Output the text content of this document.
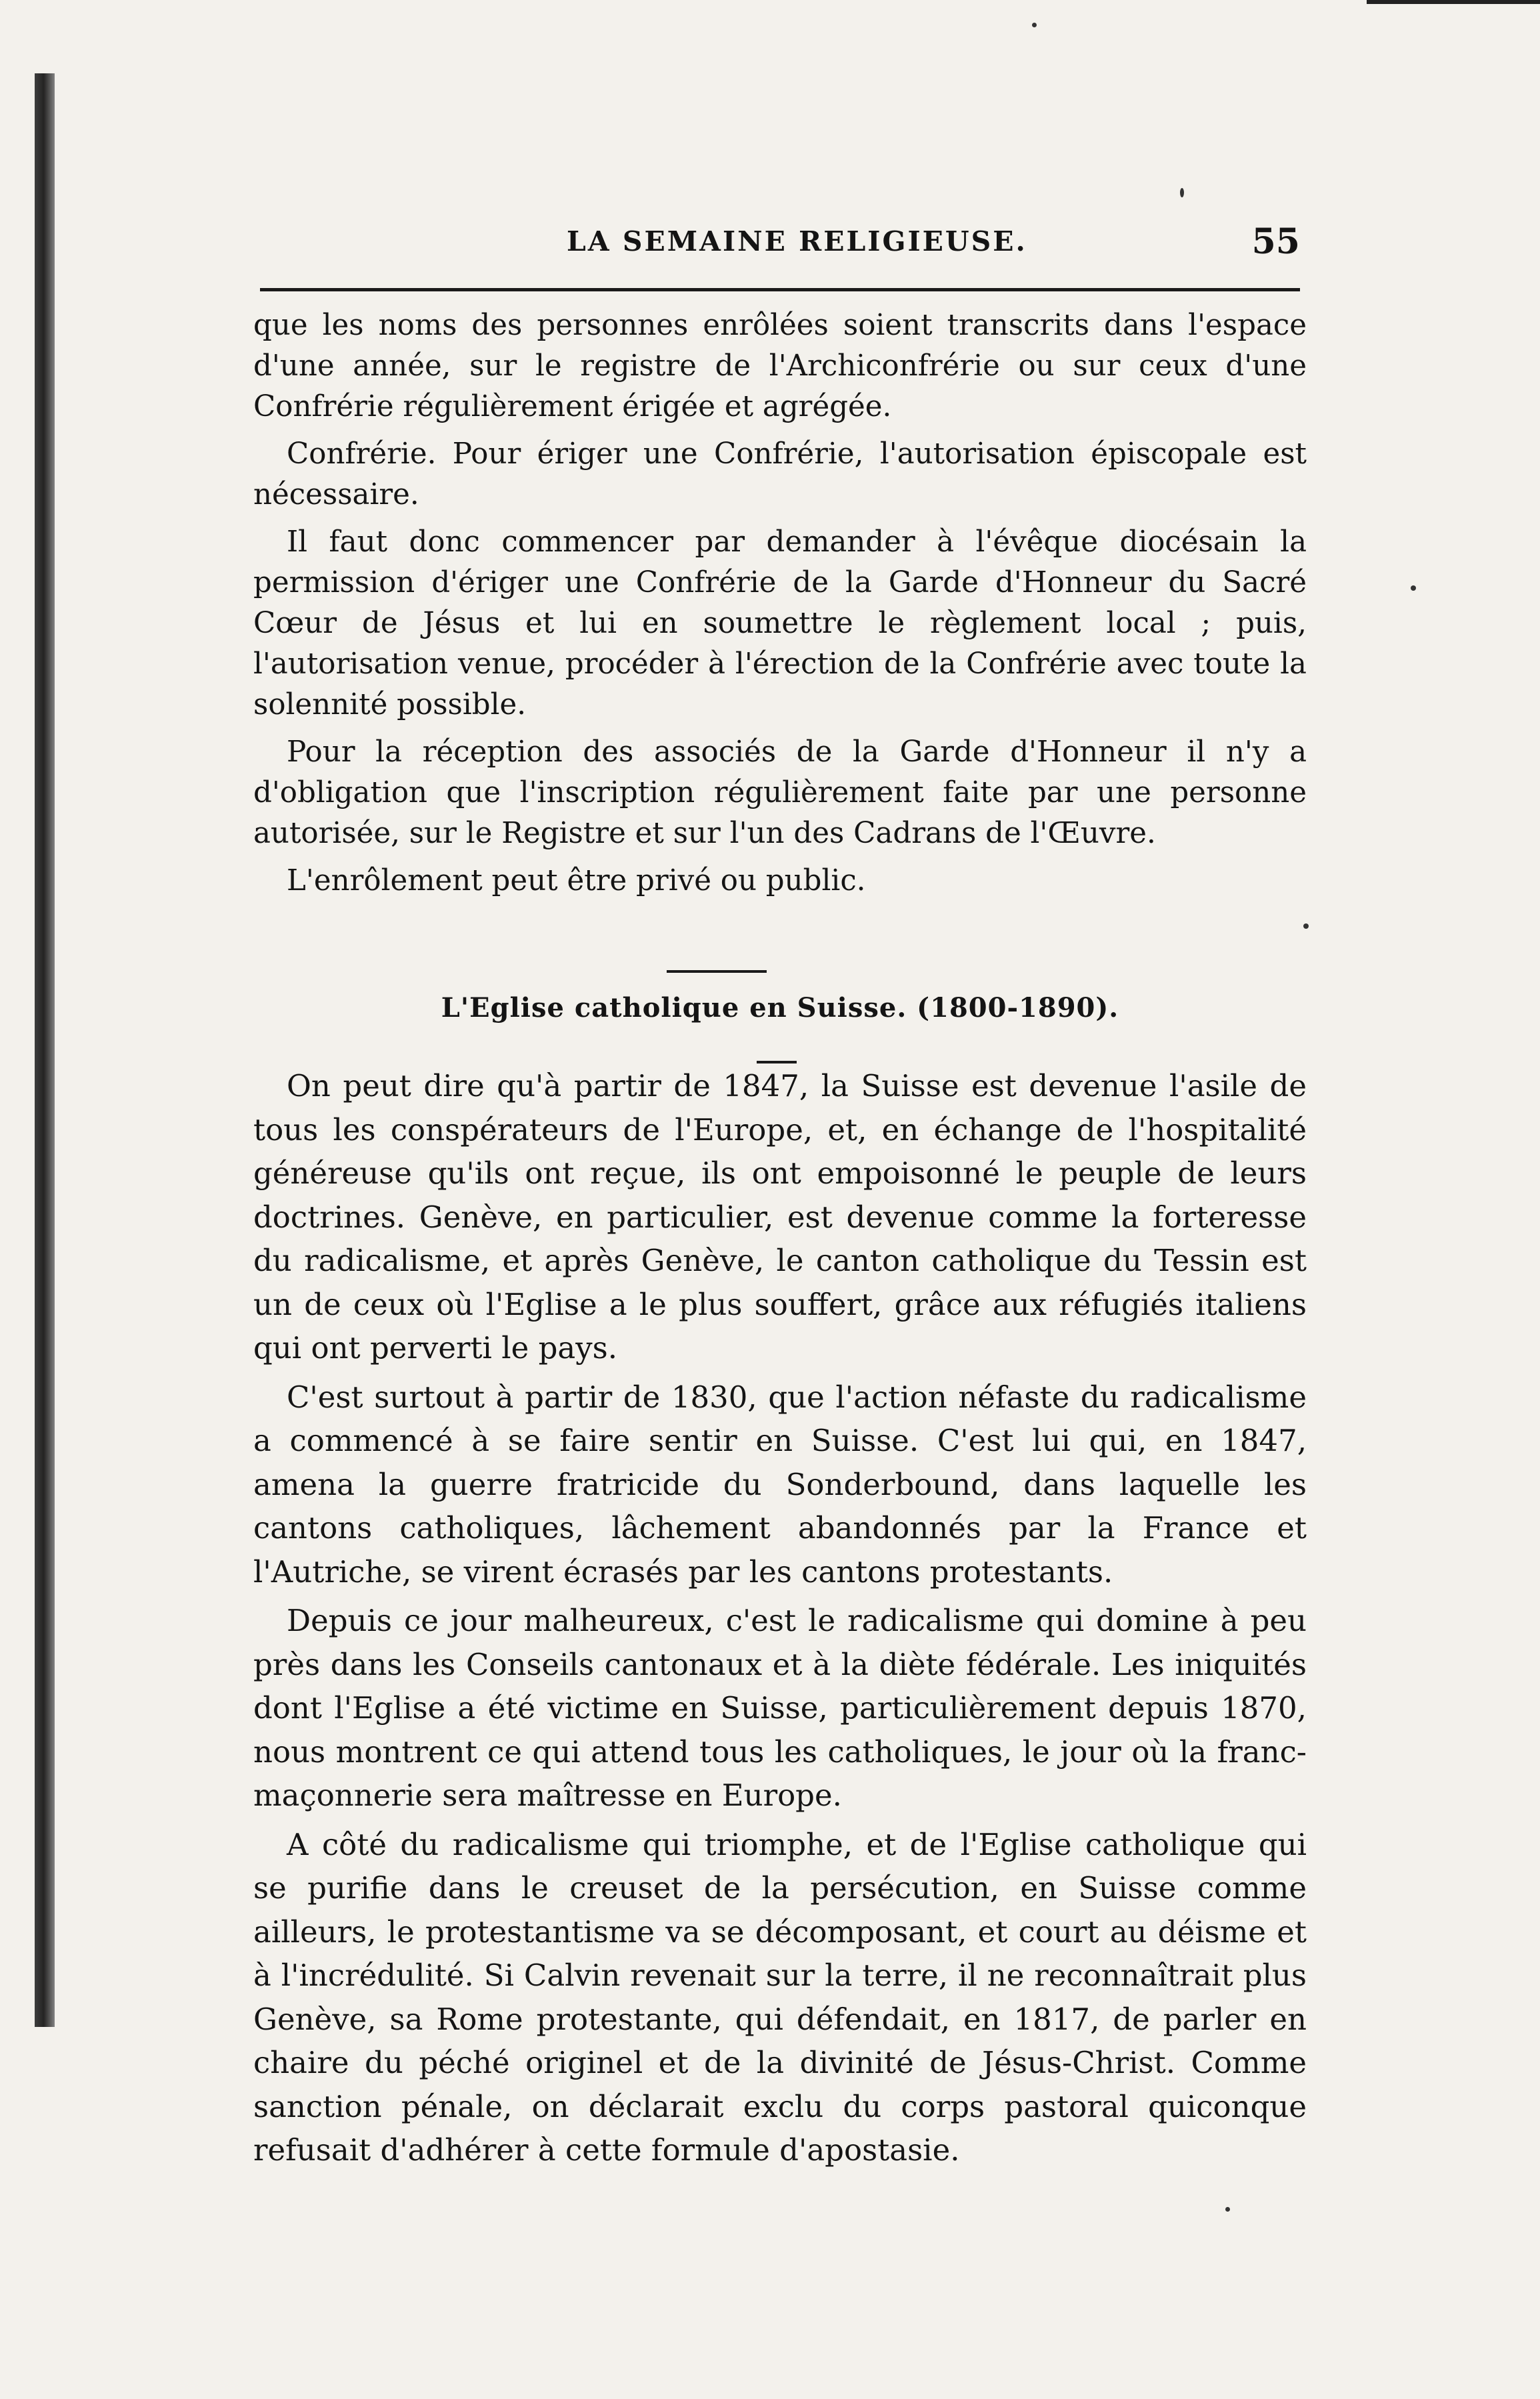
LA SEMAINE RELIGIEUSE.	55

que les noms des personnes enrôlées soient transcrits dans l'espace d'une année, sur le registre de l'Archiconfrérie ou sur ceux d'une Confrérie régulièrement érigée et agrégée.

Confrérie. Pour ériger une Confrérie, l'autorisation épiscopale est nécessaire.

Il faut donc commencer par demander à l'évêque diocésain la permission d'ériger une Confrérie de la Garde d'Honneur du Sacré Cœur de Jésus et lui en soumettre le règlement local ; puis, l'autorisation venue, procéder à l'érection de la Confrérie avec toute la solennité possible.

Pour la réception des associés de la Garde d'Honneur il n'y a d'obligation que l'inscription régulièrement faite par une personne autorisée, sur le Registre et sur l'un des Cadrans de l'Œuvre.

L'enrôlement peut être privé ou public.

L'Eglise catholique en Suisse. (1800-1890).

On peut dire qu'à partir de 1847, la Suisse est devenue l'asile de tous les conspérateurs de l'Europe, et, en échange de l'hospitalité généreuse qu'ils ont reçue, ils ont empoisonné le peuple de leurs doctrines. Genève, en particulier, est devenue comme la forteresse du radicalisme, et après Genève, le canton catholique du Tessin est un de ceux où l'Eglise a le plus souffert, grâce aux réfugiés italiens qui ont perverti le pays.

C'est surtout à partir de 1830, que l'action néfaste du radicalisme a commencé à se faire sentir en Suisse. C'est lui qui, en 1847, amena la guerre fratricide du Sonderbound, dans laquelle les cantons catholiques, lâchement abandonnés par la France et l'Autriche, se virent écrasés par les cantons protestants.

Depuis ce jour malheureux, c'est le radicalisme qui domine à peu près dans les Conseils cantonaux et à la diète fédérale. Les iniquités dont l'Eglise a été victime en Suisse, particulièrement depuis 1870, nous montrent ce qui attend tous les catholiques, le jour où la franc-maçonnerie sera maîtresse en Europe.

A côté du radicalisme qui triomphe, et de l'Eglise catholique qui se purifie dans le creuset de la persécution, en Suisse comme ailleurs, le protestantisme va se décomposant, et court au déisme et à l'incrédulité. Si Calvin revenait sur la terre, il ne reconnaîtrait plus Genève, sa Rome protestante, qui défendait, en 1817, de parler en chaire du péché originel et de la divinité de Jésus-Christ. Comme sanction pénale, on déclarait exclu du corps pastoral quiconque refusait d'adhérer à cette formule d'apostasie.
